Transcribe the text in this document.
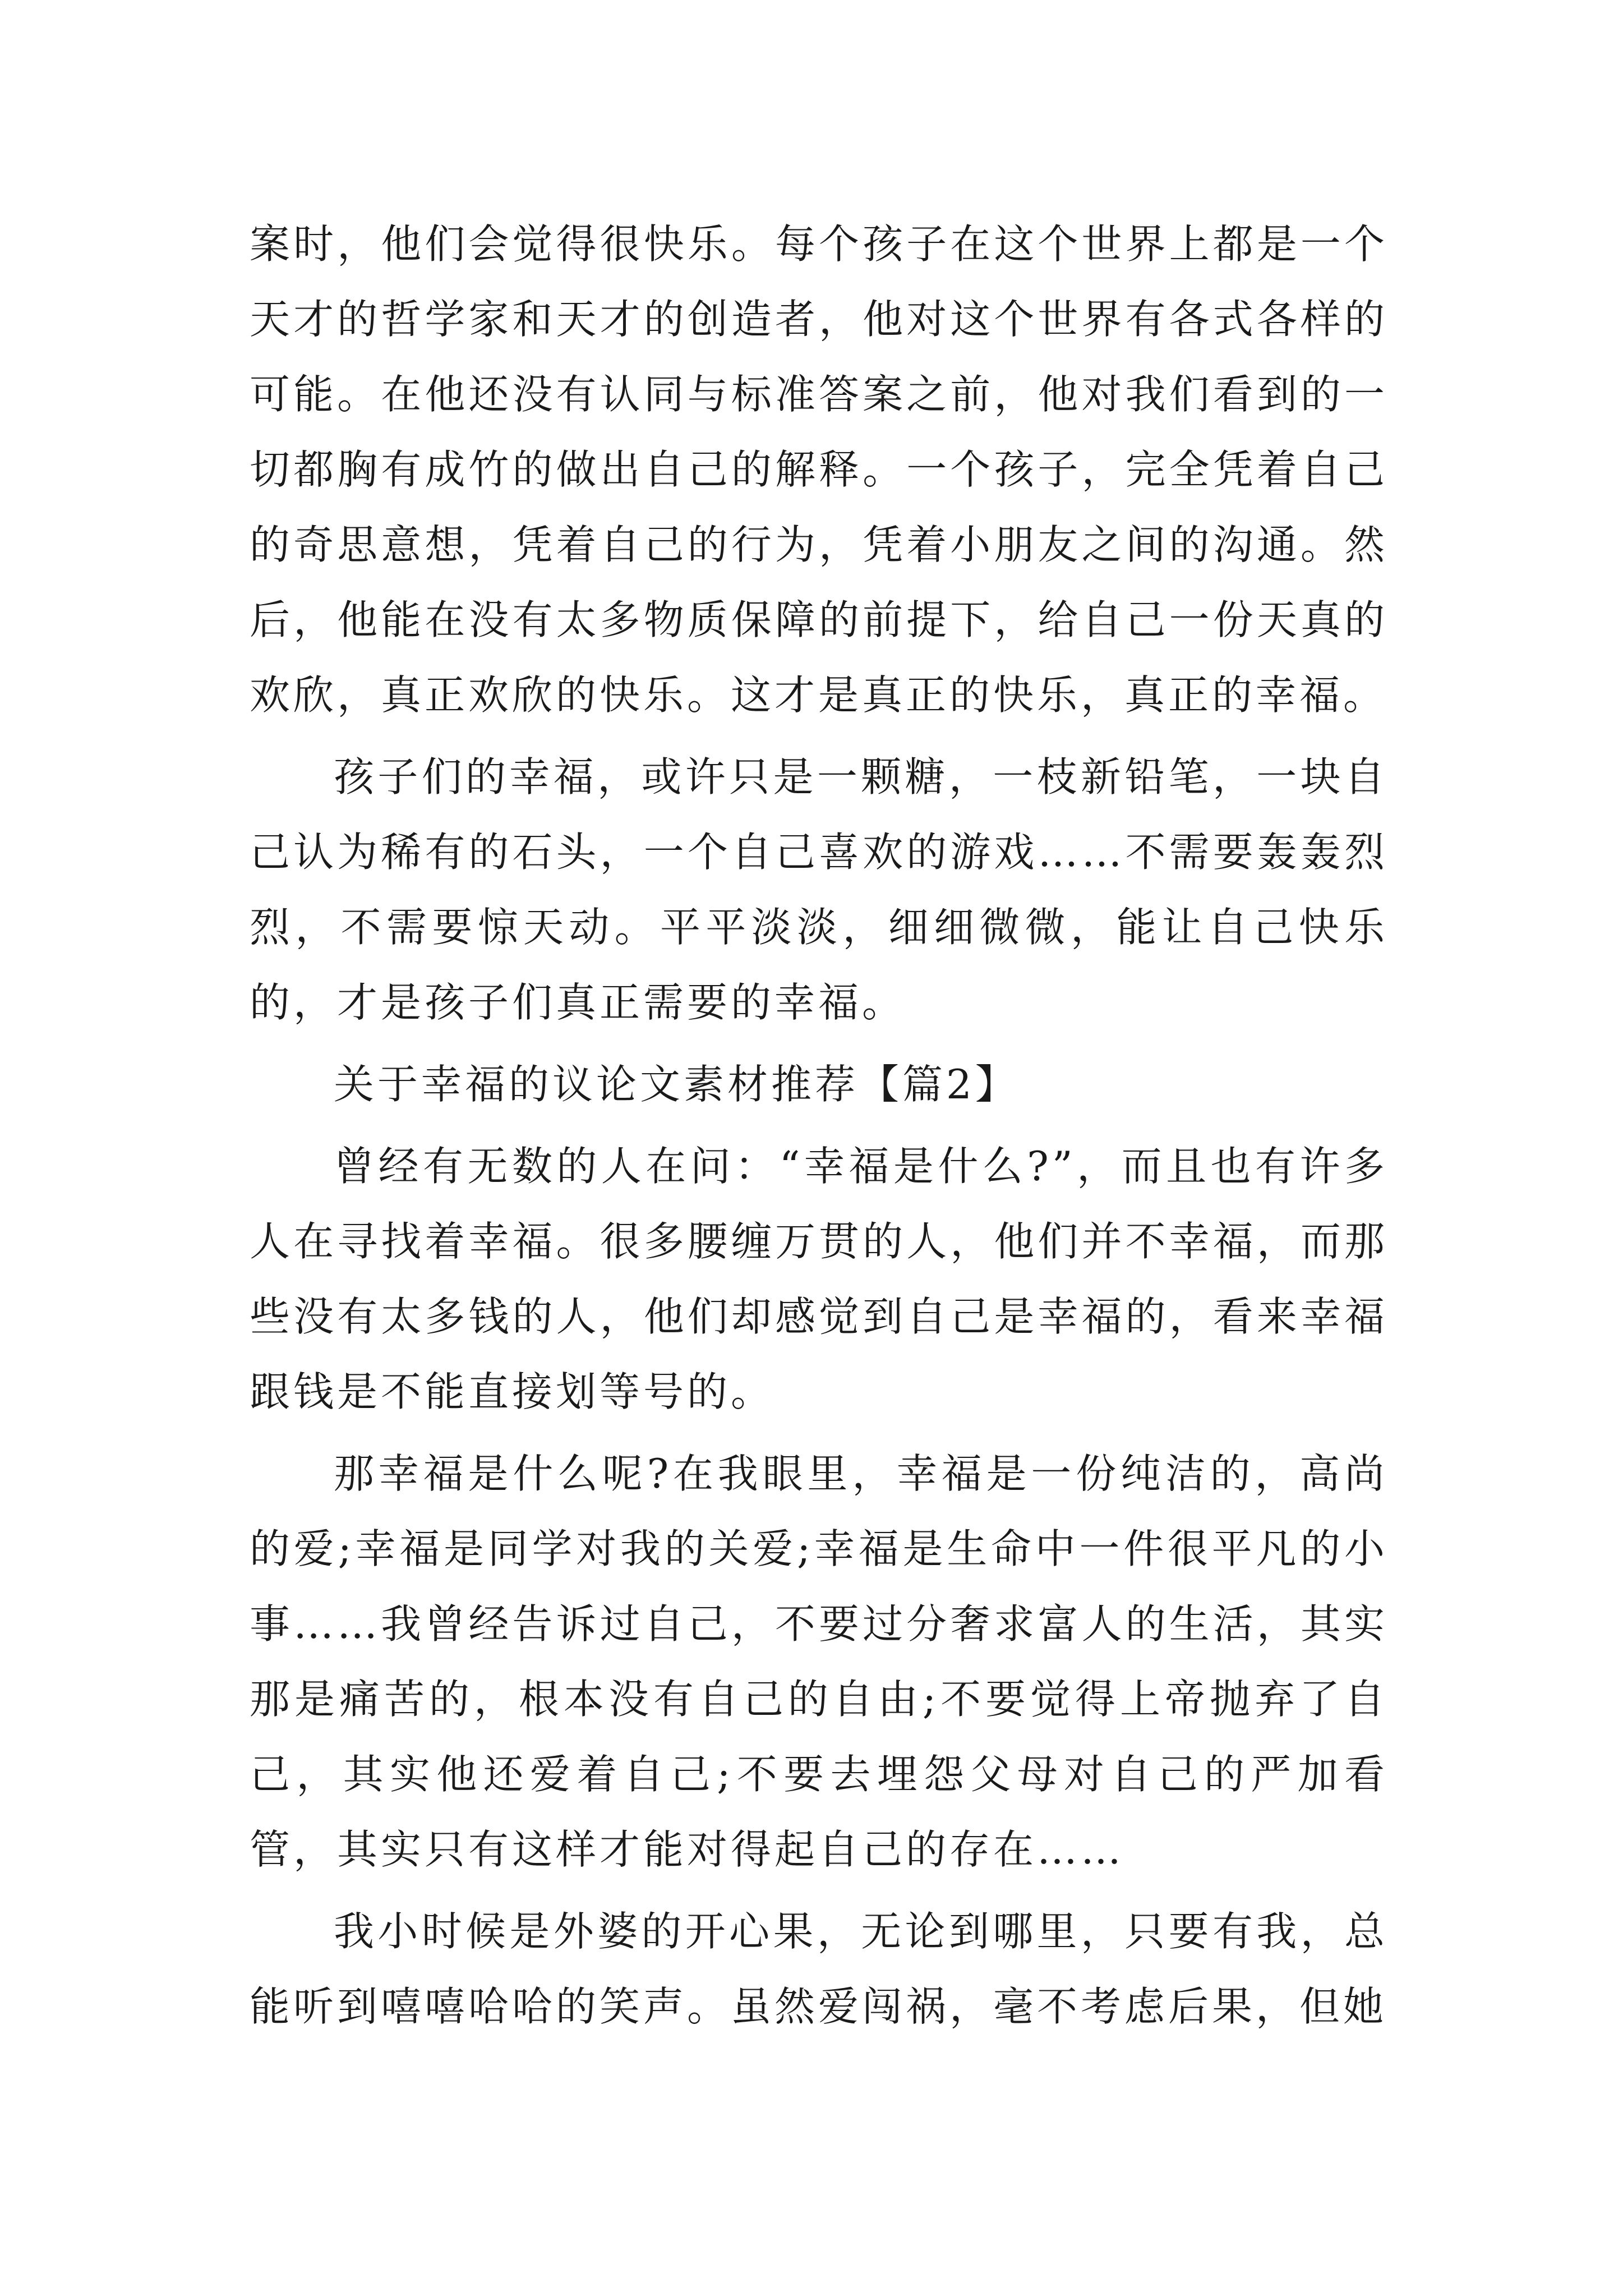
案时，他们会觉得很快乐。每个孩子在这个世界上都是一个天才的哲学家和天才的创造者，他对这个世界有各式各样的可能。在他还没有认同与标准答案之前，他对我们看到的一切都胸有成竹的做出自己的解释。一个孩子，完全凭着自己的奇思意想，凭着自己的行为，凭着小朋友之间的沟通。然后，他能在没有太多物质保障的前提下，给自己一份天真的欢欣，真正欢欣的快乐。这才是真正的快乐，真正的幸福。

孩子们的幸福，或许只是一颗糖，一枝新铅笔，一块自己认为稀有的石头，一个自己喜欢的游戏……不需要轰轰烈烈，不需要惊天动。平平淡淡，细细微微，能让自己快乐的，才是孩子们真正需要的幸福。

关于幸福的议论文素材推荐【篇2】

曾经有无数的人在问：“幸福是什么?”，而且也有许多人在寻找着幸福。很多腰缠万贯的人，他们并不幸福，而那些没有太多钱的人，他们却感觉到自己是幸福的，看来幸福跟钱是不能直接划等号的。

那幸福是什么呢?在我眼里，幸福是一份纯洁的，高尚的爱;幸福是同学对我的关爱;幸福是生命中一件很平凡的小事……我曾经告诉过自己，不要过分奢求富人的生活，其实那是痛苦的，根本没有自己的自由;不要觉得上帝抛弃了自己，其实他还爱着自己;不要去埋怨父母对自己的严加看管，其实只有这样才能对得起自己的存在……

我小时候是外婆的开心果，无论到哪里，只要有我，总能听到嘻嘻哈哈的笑声。虽然爱闯祸，毫不考虑后果，但她
